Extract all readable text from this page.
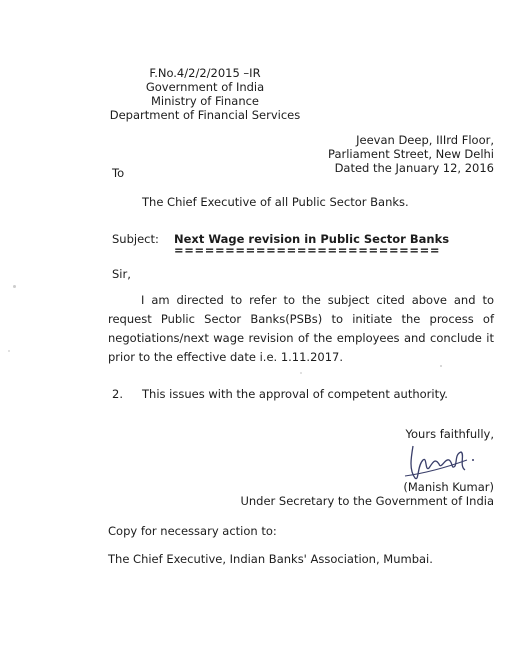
F.No.4/2/2/2015 –IR
Government of India
Ministry of Finance
Department of Financial Services
Jeevan Deep, IIIrd Floor,
Parliament Street, New Delhi
Dated the January 12, 2016
To
The Chief Executive of all Public Sector Banks.
Subject: Next Wage revision in Public Sector Banks
==========================
Sir,
I am directed to refer to the subject cited above and to request Public Sector Banks(PSBs) to initiate the process of negotiations/next wage revision of the employees and conclude it prior to the effective date i.e. 1.11.2017.
2. This issues with the approval of competent authority.
Yours faithfully,
(Manish Kumar)
Under Secretary to the Government of India
Copy for necessary action to:
The Chief Executive, Indian Banks' Association, Mumbai.
